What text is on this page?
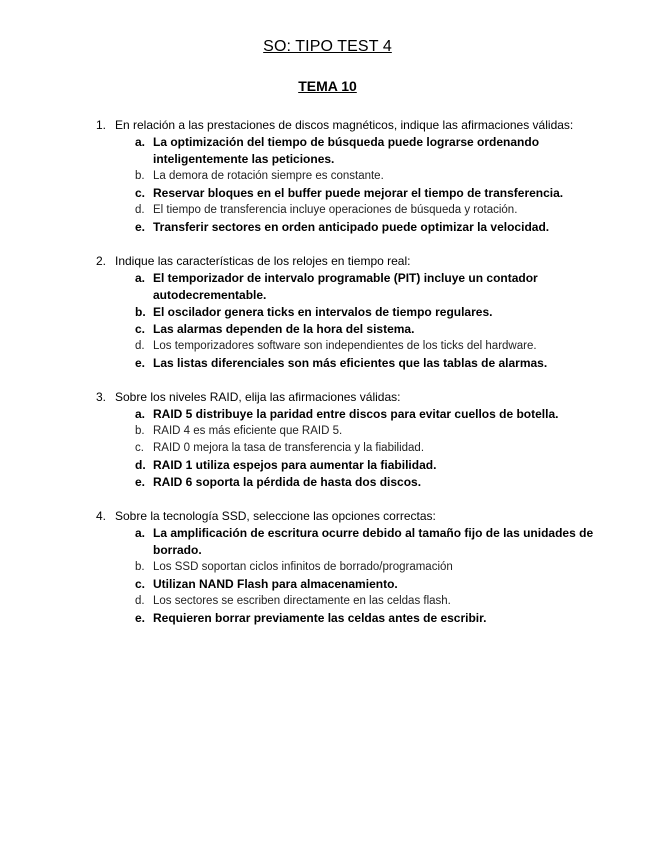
SO: TIPO TEST 4
TEMA 10
1. En relación a las prestaciones de discos magnéticos, indique las afirmaciones válidas:
a. La optimización del tiempo de búsqueda puede lograrse ordenando inteligentemente las peticiones.
b. La demora de rotación siempre es constante.
c. Reservar bloques en el buffer puede mejorar el tiempo de transferencia.
d. El tiempo de transferencia incluye operaciones de búsqueda y rotación.
e. Transferir sectores en orden anticipado puede optimizar la velocidad.
2. Indique las características de los relojes en tiempo real:
a. El temporizador de intervalo programable (PIT) incluye un contador autodecrementable.
b. El oscilador genera ticks en intervalos de tiempo regulares.
c. Las alarmas dependen de la hora del sistema.
d. Los temporizadores software son independientes de los ticks del hardware.
e. Las listas diferenciales son más eficientes que las tablas de alarmas.
3. Sobre los niveles RAID, elija las afirmaciones válidas:
a. RAID 5 distribuye la paridad entre discos para evitar cuellos de botella.
b. RAID 4 es más eficiente que RAID 5.
c. RAID 0 mejora la tasa de transferencia y la fiabilidad.
d. RAID 1 utiliza espejos para aumentar la fiabilidad.
e. RAID 6 soporta la pérdida de hasta dos discos.
4. Sobre la tecnología SSD, seleccione las opciones correctas:
a. La amplificación de escritura ocurre debido al tamaño fijo de las unidades de borrado.
b. Los SSD soportan ciclos infinitos de borrado/programación
c. Utilizan NAND Flash para almacenamiento.
d. Los sectores se escriben directamente en las celdas flash.
e. Requieren borrar previamente las celdas antes de escribir.
